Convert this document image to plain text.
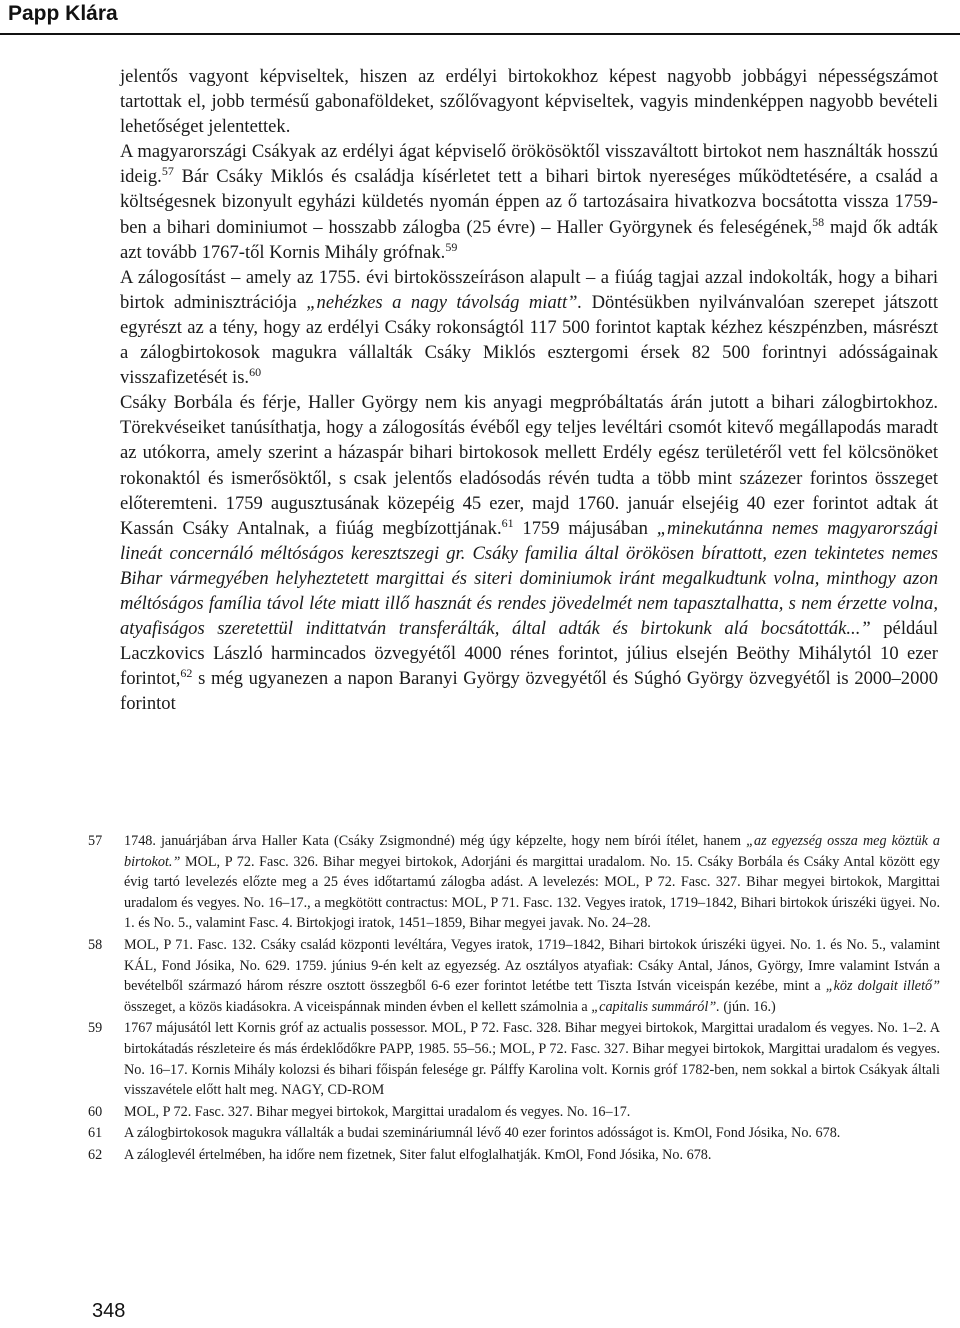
Papp Klára

jelentős vagyont képviseltek, hiszen az erdélyi birtokokhoz képest nagyobb jobbágyi népességszámot tartottak el, jobb termésű gabonaföldeket, szőlővagyont képviseltek, vagyis mindenképpen nagyobb bevételi lehetőséget jelentettek.

A magyarországi Csákyak az erdélyi ágat képviselő örökösöktől visszaváltott birtokot nem használták hosszú ideig.$^{57}$ Bár Csáky Miklós és családja kísérletet tett a bihari birtok nyereséges működtetésére, a család a költségesnek bizonyult egyházi küldetés nyomán éppen az ő tartozásaira hivatkozva bocsátotta vissza 1759-ben a bihari dominiumot – hosszabb zálogba (25 évre) – Haller Györgynek és feleségének,$^{58}$ majd ők adták azt tovább 1767-től Kornis Mihály grófnak.$^{59}$

A zálogosítást – amely az 1755. évi birtokösszeíráson alapult – a fiúág tagjai azzal indokolták, hogy a bihari birtok adminisztrációja „nehézkes a nagy távolság miatt”. Döntésükben nyilvánvalóan szerepet játszott egyrészt az a tény, hogy az erdélyi Csáky rokonságtól 117 500 forintot kaptak kézhez készpénzben, másrészt a zálogbirtokosok magukra vállalták Csáky Miklós esztergomi érsek 82 500 forintnyi adósságainak visszafizetését is.$^{60}$

Csáky Borbála és férje, Haller György nem kis anyagi megpróbáltatás árán jutott a bihari zálogbirtokhoz. Törekvéseiket tanúsíthatja, hogy a zálogosítás évéből egy teljes levéltári csomót kitevő megállapodás maradt az utókorra, amely szerint a házaspár bihari birtokosok mellett Erdély egész területéről vett fel kölcsönöket rokonaktól és ismerősöktől, s csak jelentős eladósodás révén tudta a több mint százezer forintos összeget előteremteni. 1759 augusztusának közepéig 45 ezer, majd 1760. január elsejéig 40 ezer forintot adtak át Kassán Csáky Antalnak, a fiúág megbízottjának.$^{61}$ 1759 májusában „minekutánna nemes magyarországi lineát concernáló méltóságos keresztszegi gr. Csáky familia által örökösen bírattott, ezen tekintetes nemes Bihar vármegyében helyheztetett margittai és siteri dominiumok iránt megalkudtunk volna, minthogy azon méltóságos família távol léte miatt illő hasznát és rendes jövedelmét nem tapasztalhatta, s nem érzette volna, atyafiságos szeretettül indittatván transferálták, által adták és birtokunk alá bocsátották...” például Laczkovics László harmincados özvegyétől 4000 rénes forintot, július elsején Beöthy Mihálytól 10 ezer forintot,$^{62}$ s még ugyanezen a napon Baranyi György özvegyétől és Súghó György özvegyétől is 2000–2000 forintot

57 1748. januárjában árva Haller Kata (Csáky Zsigmondné) még úgy képzelte, hogy nem bírói ítélet, hanem „az egyezség ossza meg köztük a birtokot.” MOL, P 72. Fasc. 326. Bihar megyei birtokok, Adorjáni és margittai uradalom. No. 15. Csáky Borbála és Csáky Antal között egy évig tartó levelezés előzte meg a 25 éves időtartamú zálogba adást. A levelezés: MOL, P 72. Fasc. 327. Bihar megyei birtokok, Margittai uradalom és vegyes. No. 16–17., a megkötött contractus: MOL, P 71. Fasc. 132. Vegyes iratok, 1719–1842, Bihari birtokok úriszéki ügyei. No. 1. és No. 5., valamint Fasc. 4. Birtokjogi iratok, 1451–1859, Bihar megyei javak. No. 24–28.
58 MOL, P 71. Fasc. 132. Csáky család központi levéltára, Vegyes iratok, 1719–1842, Bihari birtokok úriszéki ügyei. No. 1. és No. 5., valamint KÁL, Fond Jósika, No. 629. 1759. június 9-én kelt az egyezség. Az osztályos atyafiak: Csáky Antal, János, György, Imre valamint István a bevételből származó három részre osztott összegből 6-6 ezer forintot letétbe tett Tiszta István viceispán kezébe, mint a „köz dolgait illető” összeget, a közös kiadásokra. A viceispánnak minden évben el kellett számolnia a „capitalis summáról”. (jún. 16.)
59 1767 májusától lett Kornis gróf az actualis possessor. MOL, P 72. Fasc. 328. Bihar megyei birtokok, Margittai uradalom és vegyes. No. 1–2. A birtokátadás részleteire és más érdeklődőkre PAPP, 1985. 55–56.; MOL, P 72. Fasc. 327. Bihar megyei birtokok, Margittai uradalom és vegyes. No. 16–17. Kornis Mihály kolozsi és bihari főispán felesége gr. Pálffy Karolina volt. Kornis gróf 1782-ben, nem sokkal a birtok Csákyak általi visszavétele előtt halt meg. NAGY, CD-ROM
60 MOL, P 72. Fasc. 327. Bihar megyei birtokok, Margittai uradalom és vegyes. No. 16–17.
61 A zálogbirtokosok magukra vállalták a budai szemináriumnál lévő 40 ezer forintos adósságot is. KmOl, Fond Jósika, No. 678.
62 A záloglevél értelmében, ha időre nem fizetnek, Siter falut elfoglalhatják. KmOl, Fond Jósika, No. 678.
348
